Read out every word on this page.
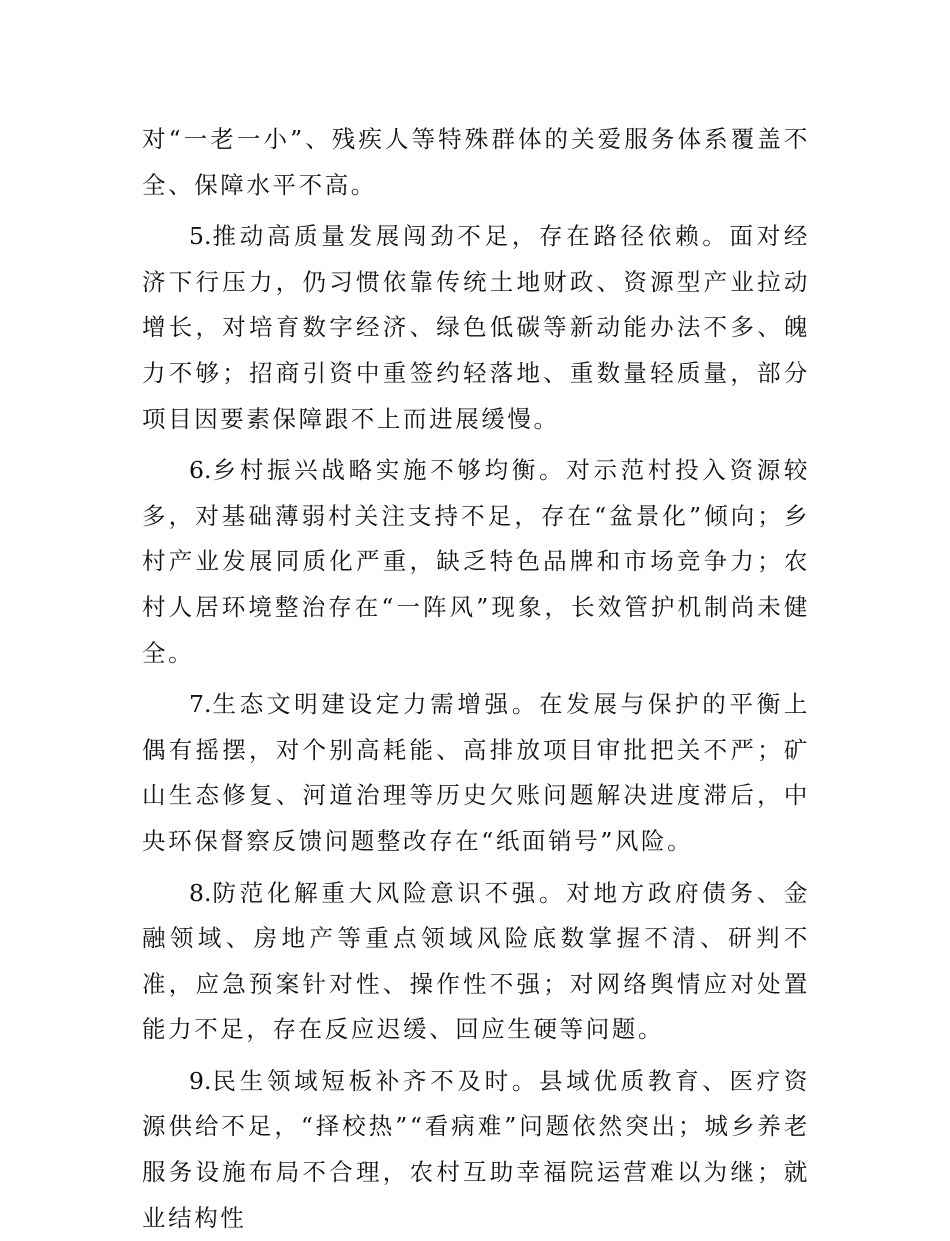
对“一老一小”、残疾人等特殊群体的关爱服务体系覆盖不全、保障水平不高。

5.推动高质量发展闯劲不足，存在路径依赖。面对经济下行压力，仍习惯依靠传统土地财政、资源型产业拉动增长，对培育数字经济、绿色低碳等新动能办法不多、魄力不够；招商引资中重签约轻落地、重数量轻质量，部分项目因要素保障跟不上而进展缓慢。

6.乡村振兴战略实施不够均衡。对示范村投入资源较多，对基础薄弱村关注支持不足，存在“盆景化”倾向；乡村产业发展同质化严重，缺乏特色品牌和市场竞争力；农村人居环境整治存在“一阵风”现象，长效管护机制尚未健全。

7.生态文明建设定力需增强。在发展与保护的平衡上偶有摇摆，对个别高耗能、高排放项目审批把关不严；矿山生态修复、河道治理等历史欠账问题解决进度滞后，中央环保督察反馈问题整改存在“纸面销号”风险。

8.防范化解重大风险意识不强。对地方政府债务、金融领域、房地产等重点领域风险底数掌握不清、研判不准，应急预案针对性、操作性不强；对网络舆情应对处置能力不足，存在反应迟缓、回应生硬等问题。

9.民生领域短板补齐不及时。县域优质教育、医疗资源供给不足，“择校热”“看病难”问题依然突出；城乡养老服务设施布局不合理，农村互助幸福院运营难以为继；就业结构性
